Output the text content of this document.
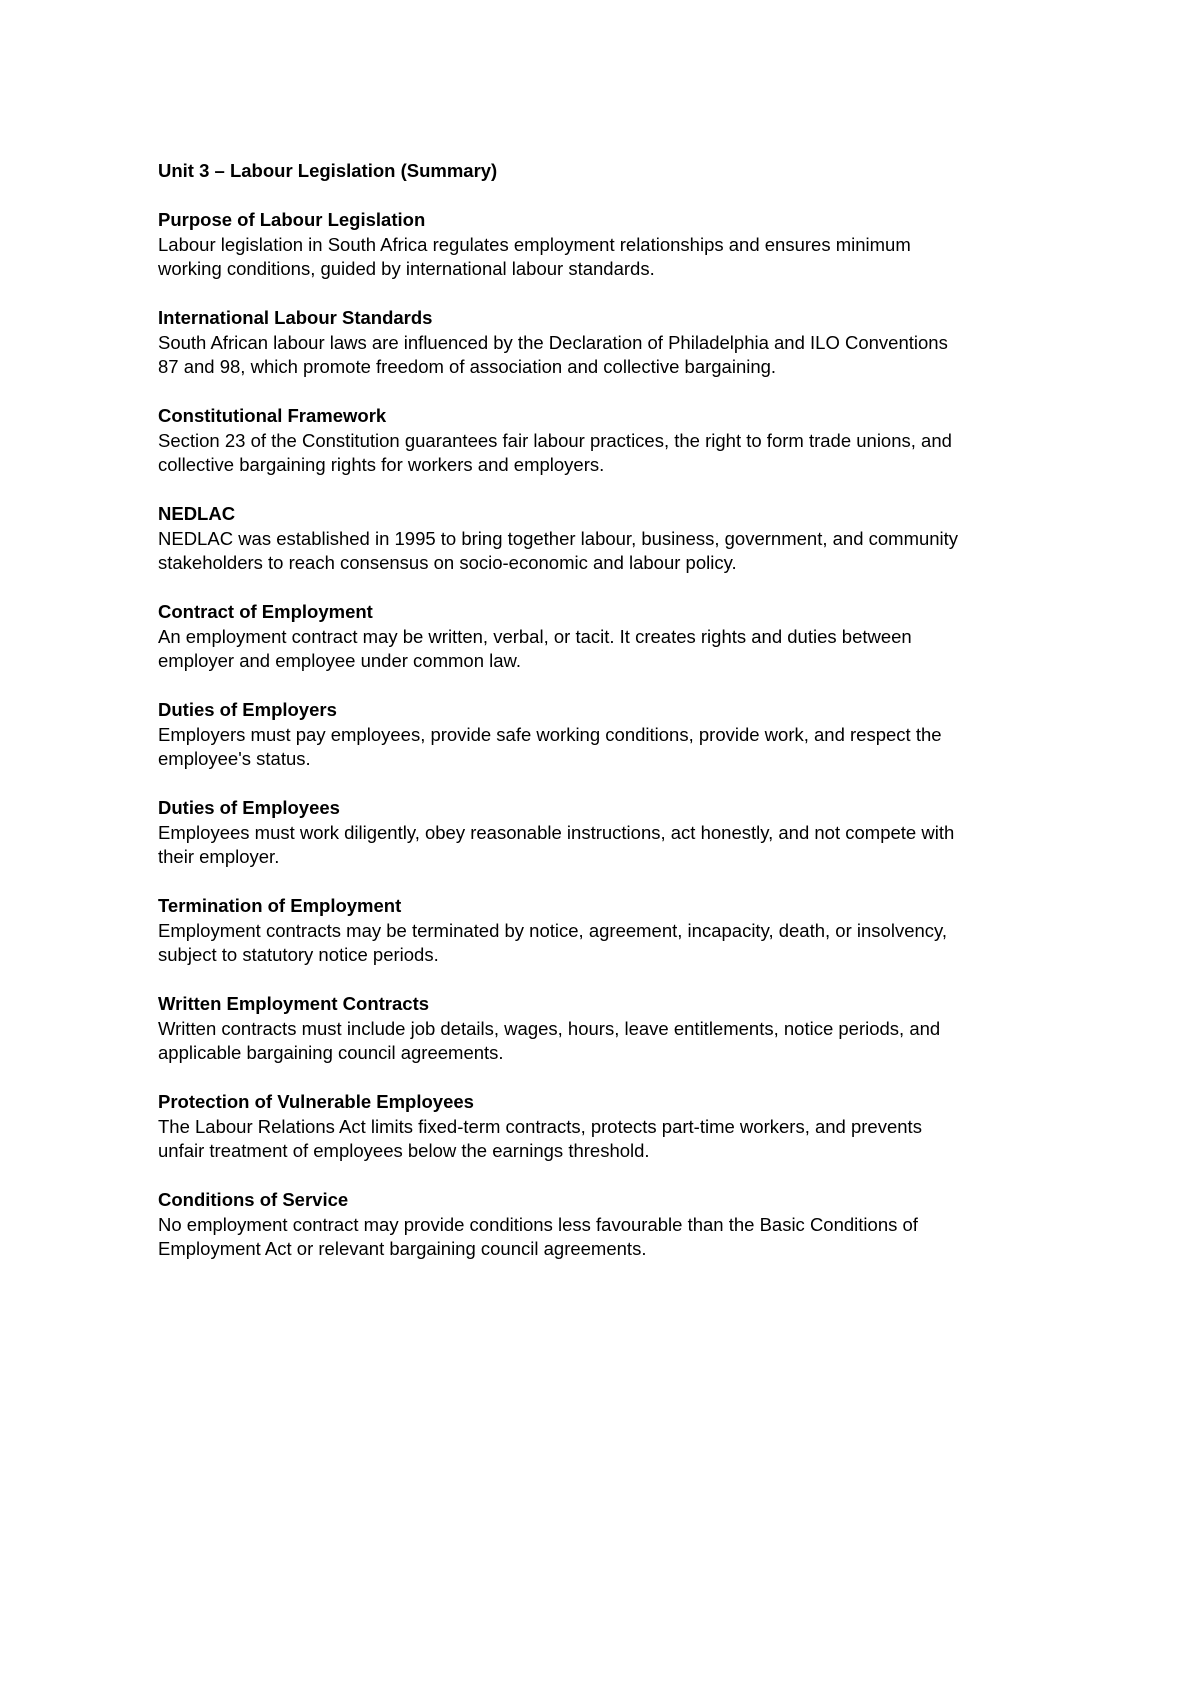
Unit 3 – Labour Legislation (Summary)
Purpose of Labour Legislation
Labour legislation in South Africa regulates employment relationships and ensures minimum
working conditions, guided by international labour standards.
International Labour Standards
South African labour laws are influenced by the Declaration of Philadelphia and ILO Conventions
87 and 98, which promote freedom of association and collective bargaining.
Constitutional Framework
Section 23 of the Constitution guarantees fair labour practices, the right to form trade unions, and
collective bargaining rights for workers and employers.
NEDLAC
NEDLAC was established in 1995 to bring together labour, business, government, and community
stakeholders to reach consensus on socio-economic and labour policy.
Contract of Employment
An employment contract may be written, verbal, or tacit. It creates rights and duties between
employer and employee under common law.
Duties of Employers
Employers must pay employees, provide safe working conditions, provide work, and respect the
employee's status.
Duties of Employees
Employees must work diligently, obey reasonable instructions, act honestly, and not compete with
their employer.
Termination of Employment
Employment contracts may be terminated by notice, agreement, incapacity, death, or insolvency,
subject to statutory notice periods.
Written Employment Contracts
Written contracts must include job details, wages, hours, leave entitlements, notice periods, and
applicable bargaining council agreements.
Protection of Vulnerable Employees
The Labour Relations Act limits fixed-term contracts, protects part-time workers, and prevents
unfair treatment of employees below the earnings threshold.
Conditions of Service
No employment contract may provide conditions less favourable than the Basic Conditions of
Employment Act or relevant bargaining council agreements.
